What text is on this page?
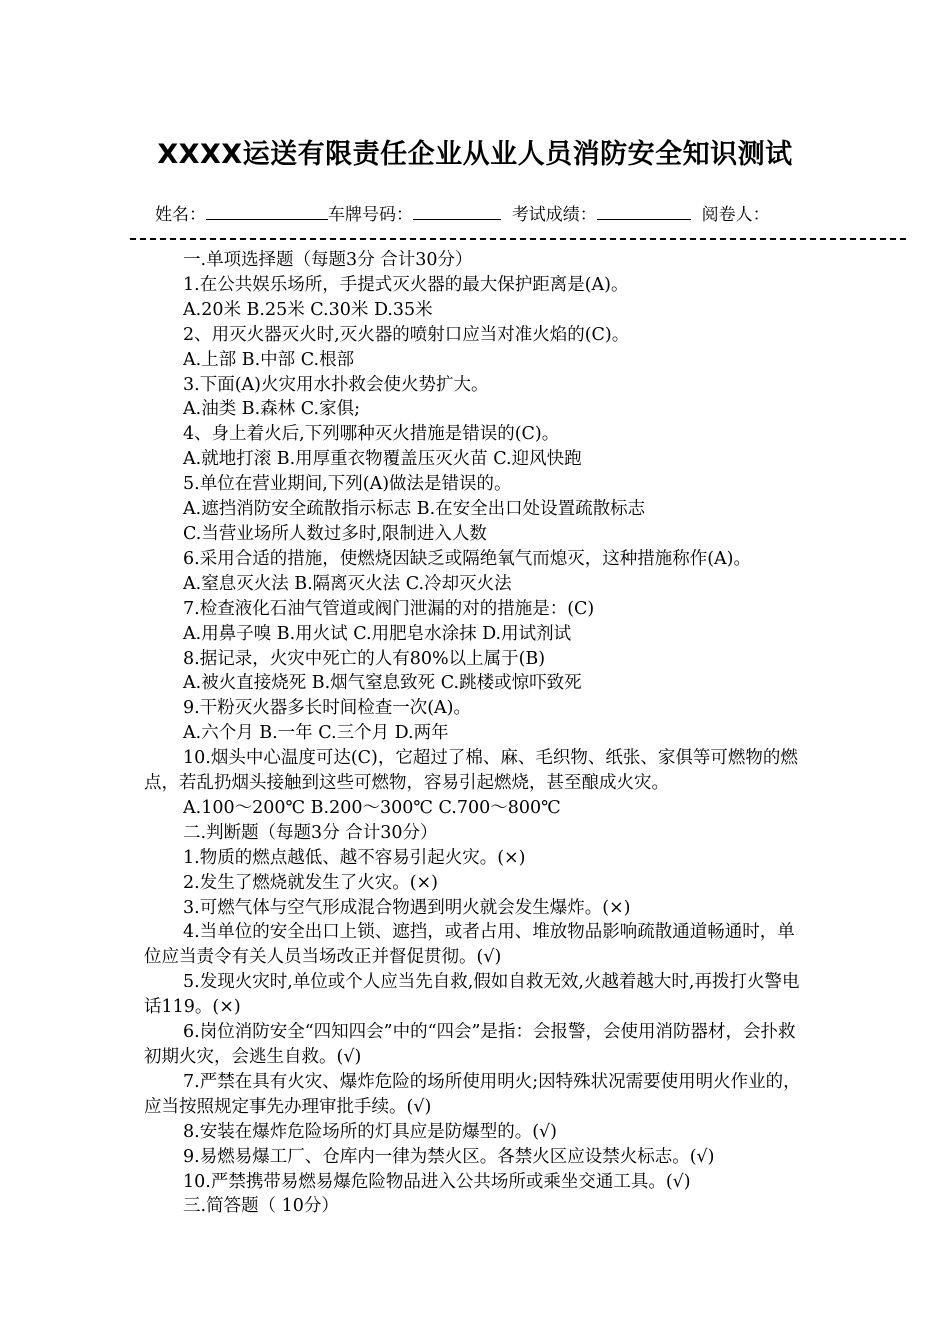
XXXX运送有限责任企业从业人员消防安全知识测试
姓名：	车牌号码：	考试成绩：	阅卷人：

一.单项选择题（每题3分 合计30分）

1.在公共娱乐场所，手提式灭火器的最大保护距离是(A)。

A.20米 B.25米 C.30米 D.35米

2、用灭火器灭火时,灭火器的喷射口应当对准火焰的(C)。

A.上部 B.中部 C.根部

3.下面(A)火灾用水扑救会使火势扩大。

A.油类 B.森林 C.家俱;

4、身上着火后,下列哪种灭火措施是错误的(C)。

A.就地打滚 B.用厚重衣物覆盖压灭火苗 C.迎风快跑

5.单位在营业期间,下列(A)做法是错误的。

A.遮挡消防安全疏散指示标志 B.在安全出口处设置疏散标志

C.当营业场所人数过多时,限制进入人数

6.采用合适的措施，使燃烧因缺乏或隔绝氧气而熄灭，这种措施称作(A)。

A.窒息灭火法 B.隔离灭火法 C.冷却灭火法

7.检查液化石油气管道或阀门泄漏的对的措施是：(C)

A.用鼻子嗅 B.用火试 C.用肥皂水涂抹 D.用试剂试

8.据记录，火灾中死亡的人有80%以上属于(B)

A.被火直接烧死 B.烟气窒息致死 C.跳楼或惊吓致死

9.干粉灭火器多长时间检查一次(A)。

A.六个月 B.一年 C.三个月 D.两年

10.烟头中心温度可达(C)，它超过了棉、麻、毛织物、纸张、家俱等可燃物的燃点，若乱扔烟头接触到这些可燃物，容易引起燃烧，甚至酿成火灾。

A.100～200℃ B.200～300℃ C.700～800℃

二.判断题（每题3分 合计30分）

1.物质的燃点越低、越不容易引起火灾。(×)

2.发生了燃烧就发生了火灾。(×)

3.可燃气体与空气形成混合物遇到明火就会发生爆炸。(×)

4.当单位的安全出口上锁、遮挡，或者占用、堆放物品影响疏散通道畅通时，单位应当责令有关人员当场改正并督促贯彻。(√)

5.发现火灾时,单位或个人应当先自救,假如自救无效,火越着越大时,再拨打火警电话119。(×)

6.岗位消防安全“四知四会”中的“四会”是指：会报警，会使用消防器材，会扑救初期火灾，会逃生自救。(√)

7.严禁在具有火灾、爆炸危险的场所使用明火;因特殊状况需要使用明火作业的，应当按照规定事先办理审批手续。(√)

8.安装在爆炸危险场所的灯具应是防爆型的。(√)

9.易燃易爆工厂、仓库内一律为禁火区。各禁火区应设禁火标志。(√)

10.严禁携带易燃易爆危险物品进入公共场所或乘坐交通工具。(√)

三.简答题（ 10分）
